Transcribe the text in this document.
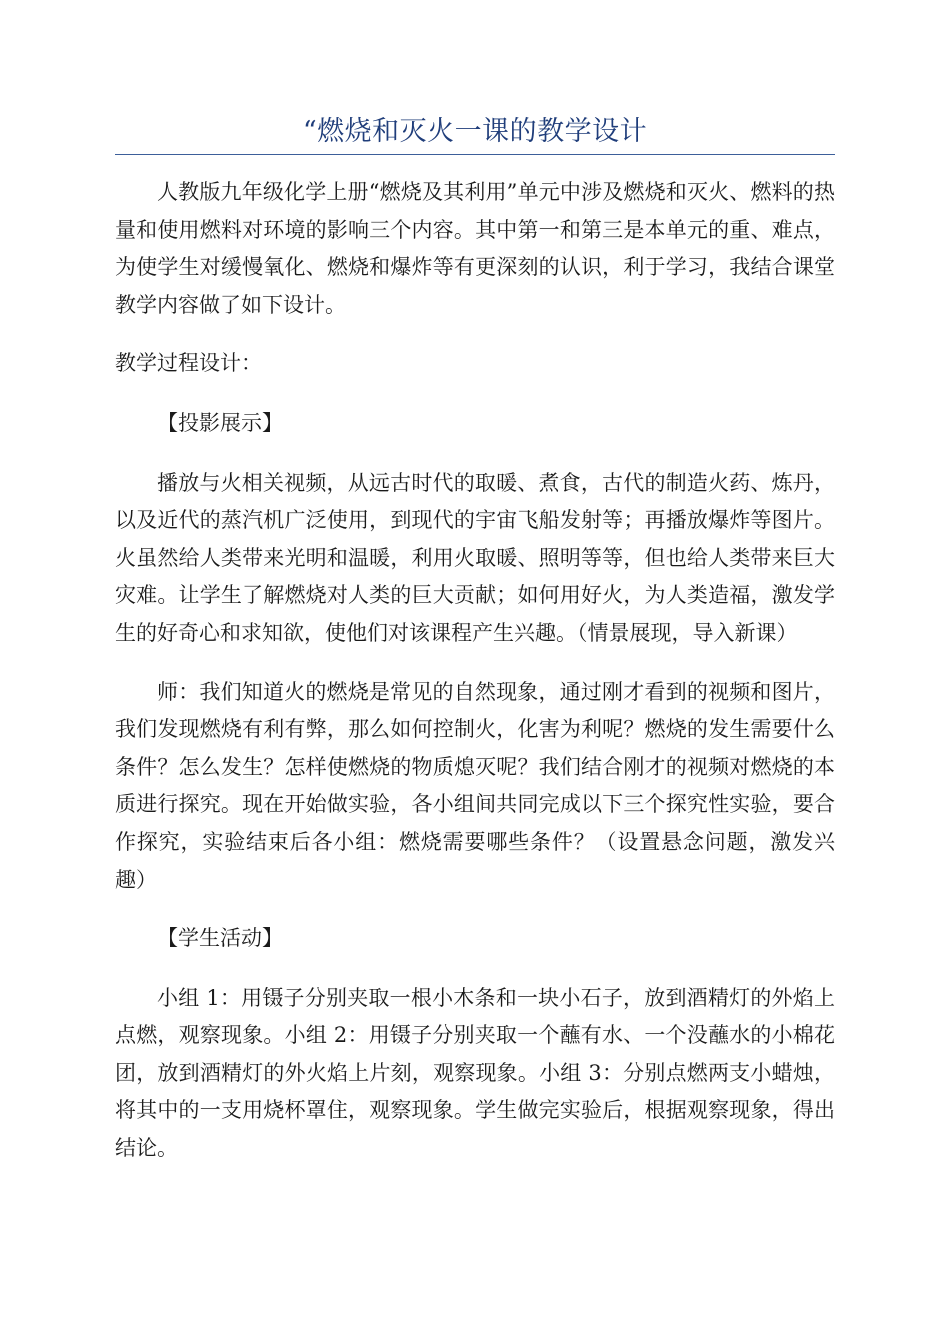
“燃烧和灭火一课的教学设计

人教版九年级化学上册“燃烧及其利用”单元中涉及燃烧和灭火、燃料的热量和使用燃料对环境的影响三个内容。其中第一和第三是本单元的重、难点，为使学生对缓慢氧化、燃烧和爆炸等有更深刻的认识，利于学习，我结合课堂教学内容做了如下设计。

教学过程设计：

【投影展示】

播放与火相关视频，从远古时代的取暖、煮食，古代的制造火药、炼丹，以及近代的蒸汽机广泛使用，到现代的宇宙飞船发射等；再播放爆炸等图片。火虽然给人类带来光明和温暖，利用火取暖、照明等等，但也给人类带来巨大灾难。让学生了解燃烧对人类的巨大贡献；如何用好火，为人类造福，激发学生的好奇心和求知欲，使他们对该课程产生兴趣。（情景展现，导入新课）

师：我们知道火的燃烧是常见的自然现象，通过刚才看到的视频和图片，我们发现燃烧有利有弊，那么如何控制火，化害为利呢？燃烧的发生需要什么条件？怎么发生？怎样使燃烧的物质熄灭呢？我们结合刚才的视频对燃烧的本质进行探究。现在开始做实验，各小组间共同完成以下三个探究性实验，要合作探究，实验结束后各小组：燃烧需要哪些条件？（设置悬念问题，激发兴趣）

【学生活动】

小组 1：用镊子分别夹取一根小木条和一块小石子，放到酒精灯的外焰上点燃，观察现象。小组 2：用镊子分别夹取一个蘸有水、一个没蘸水的小棉花团，放到酒精灯的外火焰上片刻，观察现象。小组 3：分别点燃两支小蜡烛，将其中的一支用烧杯罩住，观察现象。学生做完实验后，根据观察现象，得出结论。
